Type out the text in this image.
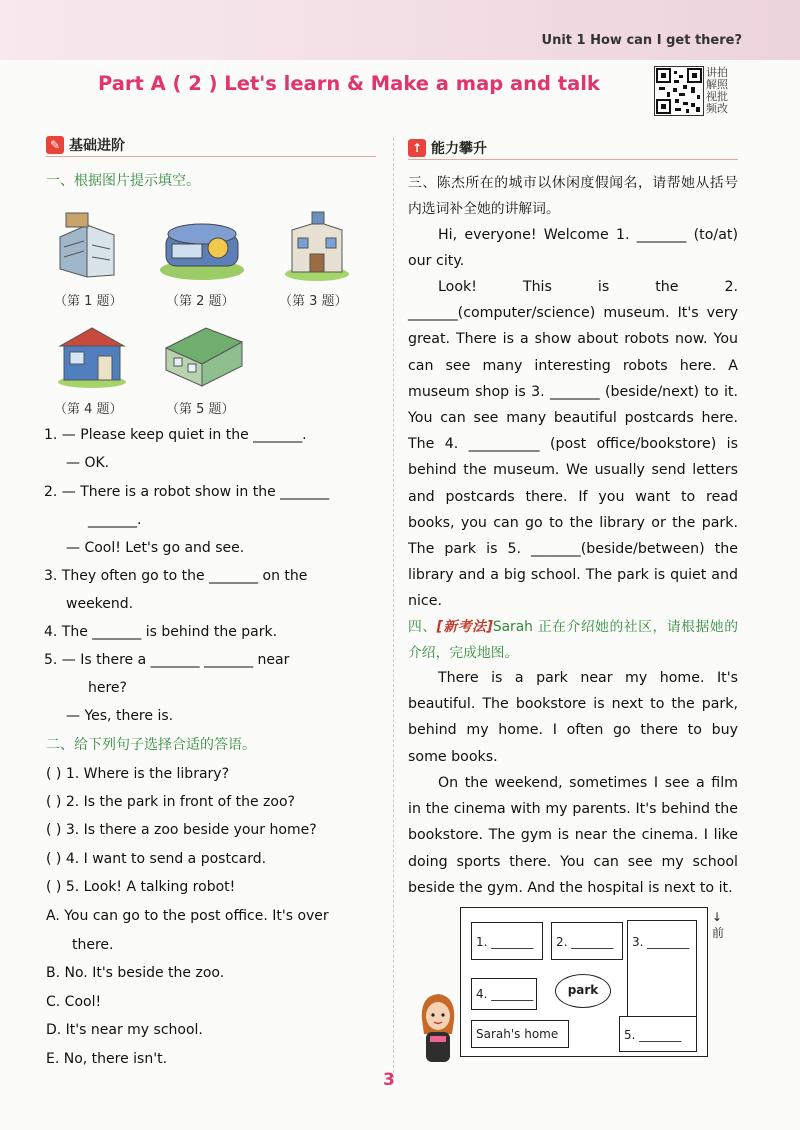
Unit 1 How can I get there?
Part A ( 2 ) Let's learn & Make a map and talk	讲拍
解照
视批
频改
✎ 基础进阶
一、根据图片提示填空。
（第 1 题）	（第 2 题）	（第 3 题）
（第 4 题）	（第 5 题）
1. — Please keep quiet in the _______.
— OK.
2. — There is a robot show in the _______
_______.
— Cool! Let's go and see.
3. They often go to the _______ on the
weekend.
4. The _______ is behind the park.
5. — Is there a _______ _______ near
here?
— Yes, there is.
二、给下列句子选择合适的答语。
( ) 1. Where is the library?
( ) 2. Is the park in front of the zoo?
( ) 3. Is there a zoo beside your home?
( ) 4. I want to send a postcard.
( ) 5. Look! A talking robot!
A. You can go to the post office. It's over
there.
B. No. It's beside the zoo.
C. Cool!
D. It's near my school.
E. No, there isn't.
↑ 能力攀升
三、陈杰所在的城市以休闲度假闻名，请帮她从括号内选词补全她的讲解词。
Hi, everyone! Welcome 1. _______ (to/at) our city.
Look! This is the 2. _______(computer/science) museum. It's very great. There is a show about robots now. You can see many interesting robots here. A museum shop is 3. _______ (beside/next) to it. You can see many beautiful postcards here. The 4. __________ (post office/bookstore) is behind the museum. We usually send letters and postcards there. If you want to read books, you can go to the library or the park. The park is 5. _______(beside/between) the library and a big school. The park is quiet and nice.
四、[新考法]Sarah 正在介绍她的社区，请根据她的介绍，完成地图。
There is a park near my home. It's beautiful. The bookstore is next to the park, behind my home. I often go there to buy some books.
On the weekend, sometimes I see a film in the cinema with my parents. It's behind the bookstore. The gym is near the cinema. I like doing sports there. You can see my school beside the gym. And the hospital is next to it.
1. _______	2. _______	3. _______
4. _______	park
Sarah's home	5. _______
↓
前
3
